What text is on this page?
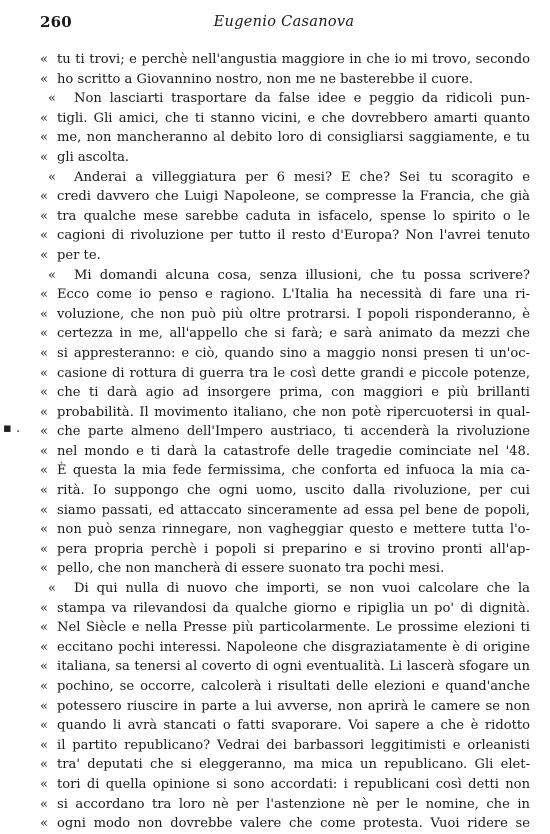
260	Eugenio Casanova
▪ .
« tu ti trovi; e perchè nell'angustia maggiore in che io mi trovo, secondo
« ho scritto a Giovannino nostro, non me ne basterebbe il cuore.
« Non lasciarti trasportare da false idee e peggio da ridicoli pun-
« tigli. Gli amici, che ti stanno vicini, e che dovrebbero amarti quanto
« me, non mancheranno al debito loro di consigliarsi saggiamente, e tu
« gli ascolta.
« Anderai a villeggiatura per 6 mesi? E che? Sei tu scoragito e
« credi davvero che Luigi Napoleone, se compresse la Francia, che già
« tra qualche mese sarebbe caduta in isfacelo, spense lo spirito o le
« cagioni di rivoluzione per tutto il resto d'Europa? Non l'avrei tenuto
« per te.
« Mi domandi alcuna cosa, senza illusioni, che tu possa scrivere?
« Ecco come io penso e ragiono. L'Italia ha necessità di fare una ri-
« voluzione, che non può più oltre protrarsi. I popoli risponderanno, è
« certezza in me, all'appello che si farà; e sarà animato da mezzi che
« si appresteranno: e ciò, quando sino a maggio nonsi presen ti un'oc-
« casione di rottura di guerra tra le così dette grandi e piccole potenze,
« che ti darà agio ad insorgere prima, con maggiori e più brillanti
« probabilità. Il movimento italiano, che non potè ripercuotersi in qual-
« che parte almeno dell'Impero austriaco, ti accenderà la rivoluzione
« nel mondo e ti darà la catastrofe delle tragedie cominciate nel '48.
« È questa la mia fede fermissima, che conforta ed infuoca la mia ca-
« rità. Io suppongo che ogni uomo, uscito dalla rivoluzione, per cui
« siamo passati, ed attaccato sinceramente ad essa pel bene de popoli,
« non può senza rinnegare, non vagheggiar questo e mettere tutta l'o-
« pera propria perchè i popoli si preparino e si trovino pronti all'ap-
« pello, che non mancherà di essere suonato tra pochi mesi.
« Di qui nulla di nuovo che importi, se non vuoi calcolare che la
« stampa va rilevandosi da qualche giorno e ripiglia un po' di dignità.
« Nel Siècle e nella Presse più particolarmente. Le prossime elezioni ti
« eccitano pochi interessi. Napoleone che disgraziatamente è di origine
« italiana, sa tenersi al coverto di ogni eventualità. Li lascerà sfogare un
« pochino, se occorre, calcolerà i risultati delle elezioni e quand'anche
« potessero riuscire in parte a lui avverse, non aprirà le camere se non
« quando li avrà stancati o fatti svaporare. Voi sapere a che è ridotto
« il partito republicano? Vedrai dei barbassori leggitimisti e orleanisti
« tra' deputati che si eleggeranno, ma mica un republicano. Gli elet-
« tori di quella opinione si sono accordati: i republicani così detti non
« si accordano tra loro nè per l'astenzione nè per le nomine, che in
« ogni modo non dovrebbe valere che come protesta. Vuoi ridere se
